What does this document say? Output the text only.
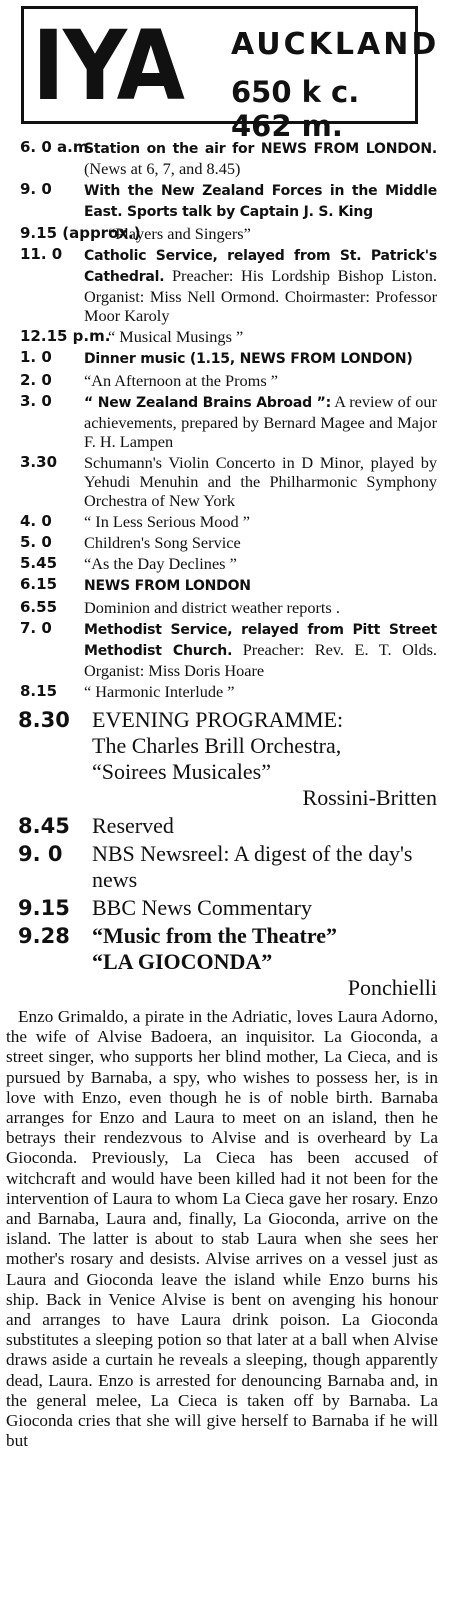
IYA AUCKLAND
650 k c. 462 m.
6. 0 a.m.
Station on the air for NEWS FROM LONDON. (News at 6, 7, and 8.45)
9. 0 With the New Zealand Forces in the Middle East. Sports talk by Captain J. S. King
9.15 (approx.)
“Players and Singers”
11. 0 Catholic Service, relayed from St. Patrick's Cathedral. Preacher: His Lordship Bishop Liston. Organist: Miss Nell Ormond. Choirmaster: Professor Moor Karoly
12.15 p.m.
“ Musical Musings ”
1. 0 Dinner music (1.15, NEWS FROM LONDON)
2. 0 “An Afternoon at the Proms ”
3. 0 “ New Zealand Brains Abroad ”: A review of our achievements, prepared by Bernard Magee and Major F. H. Lampen
3.30 Schumann's Violin Concerto in D Minor, played by Yehudi Menuhin and the Philharmonic Symphony Orchestra of New York
4. 0 “ In Less Serious Mood ”
5. 0 Children's Song Service
5.45 “As the Day Declines ”
6.15 NEWS FROM LONDON
6.55 Dominion and district weather reports .
7. 0 Methodist Service, relayed from Pitt Street Methodist Church. Preacher: Rev. E. T. Olds. Organist: Miss Doris Hoare
8.15 “ Harmonic Interlude ”
8.30 EVENING PROGRAMME:
The Charles Brill Orchestra,
“Soirees Musicales”
Rossini-Britten
8.45 Reserved
9. 0 NBS Newsreel: A digest of the day's news
9.15 BBC News Commentary
9.28 “Music from the Theatre”
“LA GIOCONDA”
Ponchielli
Enzo Grimaldo, a pirate in the Adriatic, loves Laura Adorno, the wife of Alvise Badoera, an inquisitor. La Gioconda, a street singer, who supports her blind mother, La Cieca, and is pursued by Barnaba, a spy, who wishes to possess her, is in love with Enzo, even though he is of noble birth. Barnaba arranges for Enzo and Laura to meet on an island, then he betrays their rendezvous to Alvise and is overheard by La Gioconda. Previously, La Cieca has been accused of witchcraft and would have been killed had it not been for the intervention of Laura to whom La Cieca gave her rosary. Enzo and Barnaba, Laura and, finally, La Gioconda, arrive on the island. The latter is about to stab Laura when she sees her mother's rosary and desists. Alvise arrives on a vessel just as Laura and Gioconda leave the island while Enzo burns his ship. Back in Venice Alvise is bent on avenging his honour and arranges to have Laura drink poison. La Gioconda substitutes a sleeping potion so that later at a ball when Alvise draws aside a curtain he reveals a sleeping, though apparently dead, Laura. Enzo is arrested for denouncing Barnaba and, in the general melee, La Cieca is taken off by Barnaba. La Gioconda cries that she will give herself to Barnaba if he will but
